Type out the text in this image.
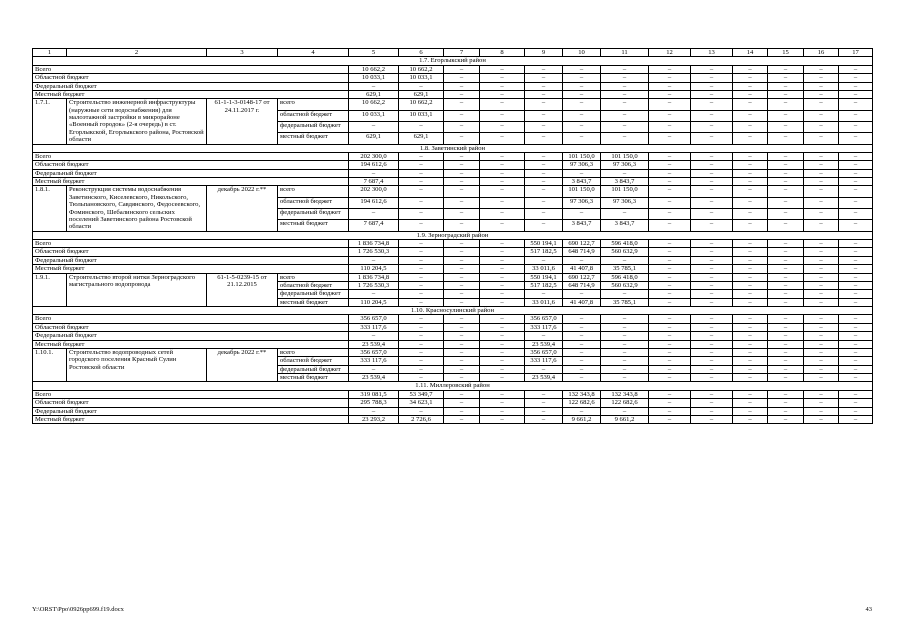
1	2	3	4	5	6	7	8	9	10	11	12	13	14	15	16	17
1.7. Егорлыкский район																
Всего				10 662,2	10 662,2	–	–	–	–	–	–	–	–	–	–	–
Областной бюджет				10 033,1	10 033,1	–	–	–	–	–	–	–	–	–	–	–
Федеральный бюджет				–	–	–	–	–	–	–	–	–	–	–	–	–
Местный бюджет				629,1	629,1	–	–	–	–	–	–	–	–	–	–	–
1.7.1.	Строительство инженерной инфраструктуры (наружные сети водоснабжения) для малоэтажной застройки в микрорайоне «Военный городок» (2-я очередь) в ст. Егорлыкской, Егорлыкского района, Ростовской области	61-1-1-3-0148-17 от 24.11.2017 г.	всего	10 662,2	10 662,2	–	–	–	–	–	–	–	–	–	–	–
			областной бюджет	10 033,1	10 033,1	–	–	–	–	–	–	–	–	–	–	–
			федеральный бюджет	–	–	–	–	–	–	–	–	–	–	–	–	–
			местный бюджет	629,1	629,1	–	–	–	–	–	–	–	–	–	–	–
1.8. Заветинский район																
Всего				202 300,0	–	–	–	–	101 150,0	101 150,0	–	–	–	–	–	–
Областной бюджет				194 612,6	–	–	–	–	97 306,3	97 306,3	–	–	–	–	–	–
Федеральный бюджет				–	–	–	–	–	–	–	–	–	–	–	–	–
Местный бюджет				7 687,4	–	–	–	–	3 843,7	3 843,7	–	–	–	–	–	–
1.8.1.	Реконструкция системы водоснабжения Заветинского, Киселевского, Никольского, Тюльпановского, Савдянского, Федосеевского, Фоминского, Шебалинского сельских поселений Заветинского района Ростовской области	декабрь 2022 г.**	всего	202 300,0	–	–	–	–	101 150,0	101 150,0	–	–	–	–	–	–
			областной бюджет	194 612,6	–	–	–	–	97 306,3	97 306,3	–	–	–	–	–	–
			федеральный бюджет	–	–	–	–	–	–	–	–	–	–	–	–	–
			местный бюджет	7 687,4	–	–	–	–	3 843,7	3 843,7	–	–	–	–	–	–
1.9. Зерноградский район																
Всего				1 836 734,8	–	–	–	550 194,1	690 122,7	596 418,0	–	–	–	–	–	–
Областной бюджет				1 726 530,3	–	–	–	517 182,5	648 714,9	560 632,9	–	–	–	–	–	–
Федеральный бюджет				–	–	–	–	–	–	–	–	–	–	–	–	–
Местный бюджет				110 204,5	–	–	–	33 011,6	41 407,8	35 785,1	–	–	–	–	–	–
1.9.1.	Строительство второй нитки Зерноградского магистрального водопровода	61-1-5-0239-15 от 21.12.2015	всего	1 836 734,8	–	–	–	550 194,1	690 122,7	596 418,0	–	–	–	–	–	–
			областной бюджет	1 726 530,3	–	–	–	517 182,5	648 714,9	560 632,9	–	–	–	–	–	–
			федеральный бюджет	–	–	–	–	–	–	–	–	–	–	–	–	–
			местный бюджет	110 204,5	–	–	–	33 011,6	41 407,8	35 785,1	–	–	–	–	–	–
1.10. Красносулинский район																
Всего				356 657,0	–	–	–	356 657,0	–	–	–	–	–	–	–	–
Областной бюджет				333 117,6	–	–	–	333 117,6	–	–	–	–	–	–	–	–
Федеральный бюджет				–	–	–	–	–	–	–	–	–	–	–	–	–
Местный бюджет				23 539,4	–	–	–	23 539,4	–	–	–	–	–	–	–	–
1.10.1.	Строительство водопроводных сетей городского поселения Красный Сулин Ростовской области	декабрь 2022 г.**	всего	356 657,0	–	–	–	356 657,0	–	–	–	–	–	–	–	–
			областной бюджет	333 117,6	–	–	–	333 117,6	–	–	–	–	–	–	–	–
			федеральный бюджет	–	–	–	–	–	–	–	–	–	–	–	–	–
			местный бюджет	23 539,4	–	–	–	23 539,4	–	–	–	–	–	–	–	–
1.11. Миллеровский район																
Всего				319 081,5	53 349,7	–	–	–	132 343,8	132 343,8	–	–	–	–	–	–
Областной бюджет				295 788,3	34 623,1	–	–	–	122 682,6	122 682,6	–	–	–	–	–	–
Федеральный бюджет				–	–	–	–	–	–	–	–	–	–	–	–	–
Местный бюджет				23 293,2	2 726,6	–	–	–	9 661,2	9 661,2	–	–	–	–	–	–
Y:\ORST\Ppo\0926pp699.f19.docx	43
